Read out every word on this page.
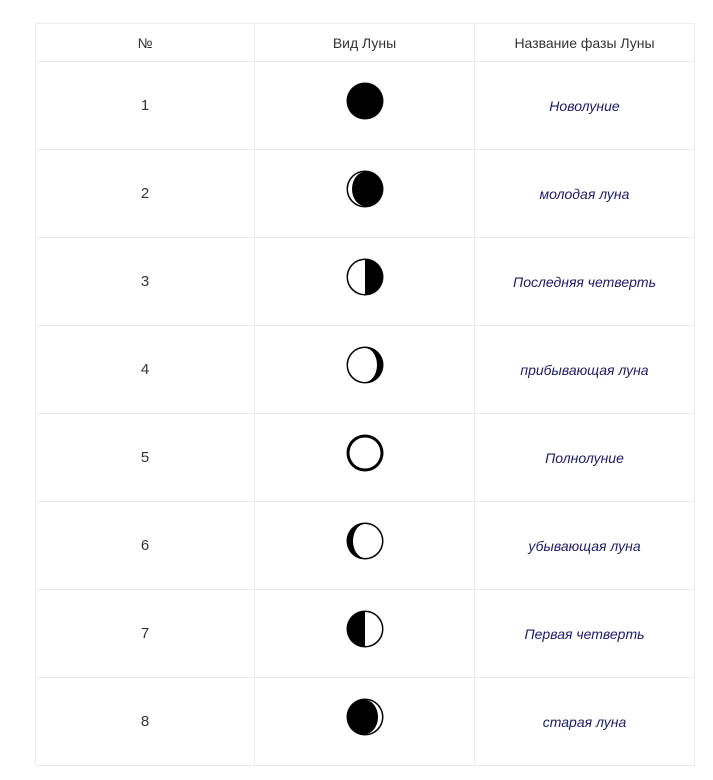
№	Вид Луны	Название фазы Луны
1		Новолуние
2		молодая луна
3		Последняя четверть
4		прибывающая луна
5		Полнолуние
6		убывающая луна
7		Первая четверть
8		старая луна
